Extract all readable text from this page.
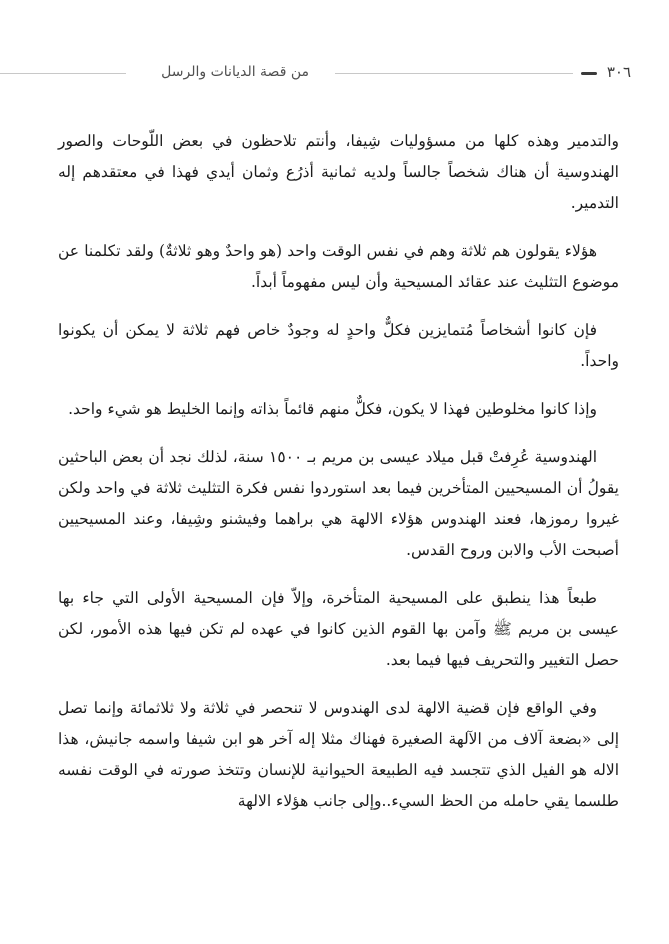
٣٠٦
من قصة الديانات والرسل

والتدمير وهذه كلها من مسؤوليات شِيفا، وأنتم تلاحظون في بعض اللّوحات والصور الهندوسية أن هناك شخصاً جالساً ولديه ثمانية أذرُع وثمان أيدي فهذا في معتقدهم إله التدمير.

هؤلاء يقولون هم ثلاثة وهم في نفس الوقت واحد (هو واحدٌ وهو ثلاثةٌ) ولقد تكلمنا عن موضوع التثليث عند عقائد المسيحية وأن ليس مفهوماً أبداً.

فإن كانوا أشخاصاً مُتمايزين فكلٌّ واحدٍ له وجودٌ خاص فهم ثلاثة لا يمكن أن يكونوا واحداً.

وإذا كانوا مخلوطين فهذا لا يكون، فكلٌّ منهم قائماً بذاته وإنما الخليط هو شيء واحد.

الهندوسية عُرِفتْ قبل ميلاد عيسى بن مريم بـ ١٥٠٠ سنة، لذلك نجد أن بعض الباحثين يقولُ أن المسيحيين المتأخرين فيما بعد استوردوا نفس فكرة التثليث ثلاثة في واحد ولكن غيروا رموزها، فعند الهندوس هؤلاء الالهة هي براهما وفيشنو وشِيفا، وعند المسيحيين أصبحت الأب والابن وروح القدس.

طبعاً هذا ينطبق على المسيحية المتأخرة، وإلاّ فإن المسيحية الأولى التي جاء بها عيسى بن مريم ﷺ وآمن بها القوم الذين كانوا في عهده لم تكن فيها هذه الأمور، لكن حصل التغيير والتحريف فيها فيما بعد.

وفي الواقع فإن قضية الالهة لدى الهندوس لا تنحصر في ثلاثة ولا ثلاثمائة وإنما تصل إلى «بضعة آلاف من الآلهة الصغيرة فهناك مثلا إله آخر هو ابن شيفا واسمه جانيش، هذا الاله هو الفيل الذي تتجسد فيه الطبيعة الحيوانية للإنسان وتتخذ صورته في الوقت نفسه طلسما يقي حامله من الحظ السيء..وإلى جانب هؤلاء الالهة
